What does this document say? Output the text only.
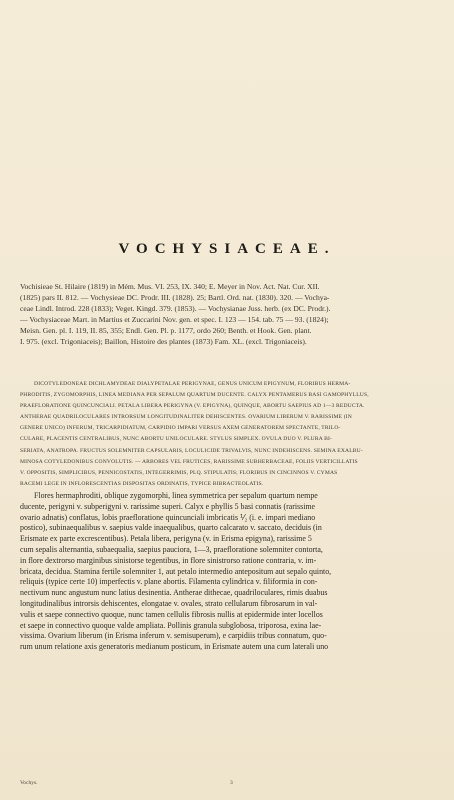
VOCHYSIACEAE.
Vochisieae St. Hilaire (1819) in Mém. Mus. VI. 253, IX. 340; E. Meyer in Nov. Act. Nat. Cur. XII.
(1825) pars II. 812. — Vochysieae DC. Prodr. III. (1828). 25; Bartl. Ord. nat. (1830). 320. — Vochya-
ceae Lindl. Introd. 228 (1833); Veget. Kingd. 379. (1853). — Vochysianae Juss. herb. (ex DC. Prodr.).
— Vochysiaceae Mart. in Martius et Zuccarini Nov. gen. et spec. I. 123 — 154. tab. 75 — 93. (1824);
Meisn. Gen. pl. I. 119, II. 85, 355; Endl. Gen. Pl. p. 1177, ordo 260; Benth. et Hook. Gen. plant.
I. 975. (excl. Trigoniaceis); Baillon, Histoire des plantes (1873) Fam. XL. (excl. Trigoniaceis).
DICOTYLEDONEAE DICHLAMYDEAE DIALYPETALAE PERIGYNAE, GENUS UNICUM EPIGYNUM, FLORIBUS HERMA-
PHRODITIS, ZYGOMORPHIS, LINEA MEDIANA PER SEPALUM QUARTUM DUCENTE. CALYX PENTAMERUS BASI GAMOPHYLLUS,
PRAEFLORATIONE QUINCUNCIALI. PETALA LIBERA PERIGYNA (V. EPIGYNA), QUINQUE, ABORTU SAEPIUS AD 1—3 REDUCTA.
ANTHERAE QUADRILOCULARES INTRORSUM LONGITUDINALITER DEHISCENTES. OVARIUM LIBERUM V. RARISSIME (IN
GENERE UNICO) INFERUM, TRICARPIDIATUM, CARPIDIO IMPARI VERSUS AXEM GENERATOREM SPECTANTE, TRILO-
CULARE, PLACENTIS CENTRALIBUS, NUNC ABORTU UNILOCULARE. STYLUS SIMPLEX. OVULA DUO V. PLURA BI-
SERIATA, ANATROPA. FRUCTUS SOLEMNITER CAPSULARIS, LOCULICIDE TRIVALVIS, NUNC INDEHISCENS. SEMINA EXALBU-
MINOSA COTYLEDONIBUS CONVOLUTIS. — ARBORES VEL FRUTICES, RARISSIME SUBHERBACEAE, FOLIIS VERTICILLATIS
V. OPPOSITIS, SIMPLICIBUS, PENNICOSTATIS, INTEGERRIMIS, PLQ. STIPULATIS; FLORIBUS IN CINCINNOS V. CYMAS
RACEMI LEGE IN INFLORESCENTIAS DISPOSITAS ORDINATIS, TYPICE BIBRACTEOLATIS.
Flores hermaphroditi, oblique zygomorphi, linea symmetrica per sepalum quartum nempe
ducente, perigyni v. subperigyni v. rarissime superi. Calyx e phyllis 5 basi connatis (rarissime
ovario adnatis) conflatus, lobis praefloratione quincunciali imbricatis ⅟₂ (i. e. impari mediano
postico), subinaequalibus v. saepius valde inaequalibus, quarto calcarato v. saccato, deciduis (in
Erismate ex parte excrescentibus). Petala libera, perigyna (v. in Erisma epigyna), rarissime 5
cum sepalis alternantia, subaequalia, saepius pauciora, 1—3, praefloratione solemniter contorta,
in flore dextrorso marginibus sinistorse tegentibus, in flore sinistrorso ratione contraria, v. im-
bricata, decidua. Stamina fertile solemniter 1, aut petalo intermedio antepositum aut sepalo quinto,
reliquis (typice certe 10) imperfectis v. plane abortis. Filamenta cylindrica v. filiformia in con-
nectivum nunc angustum nunc latius desinentia. Antherae dithecae, quadriloculares, rimis duabus
longitudinalibus introrsis dehiscentes, elongatae v. ovales, strato cellularum fibrosarum in val-
vulis et saepe connectivo quoque, nunc tamen cellulis fibrosis nullis at epidermide inter locellos
et saepe in connectivo quoque valde ampliata. Pollinis granula subglobosa, triporosa, exina lae-
vissima. Ovarium liberum (in Erisma inferum v. semisuperum), e carpidiis tribus connatum, quo-
rum unum relatione axis generatoris medianum posticum, in Erismate autem una cum laterali uno
Vochys.	3
